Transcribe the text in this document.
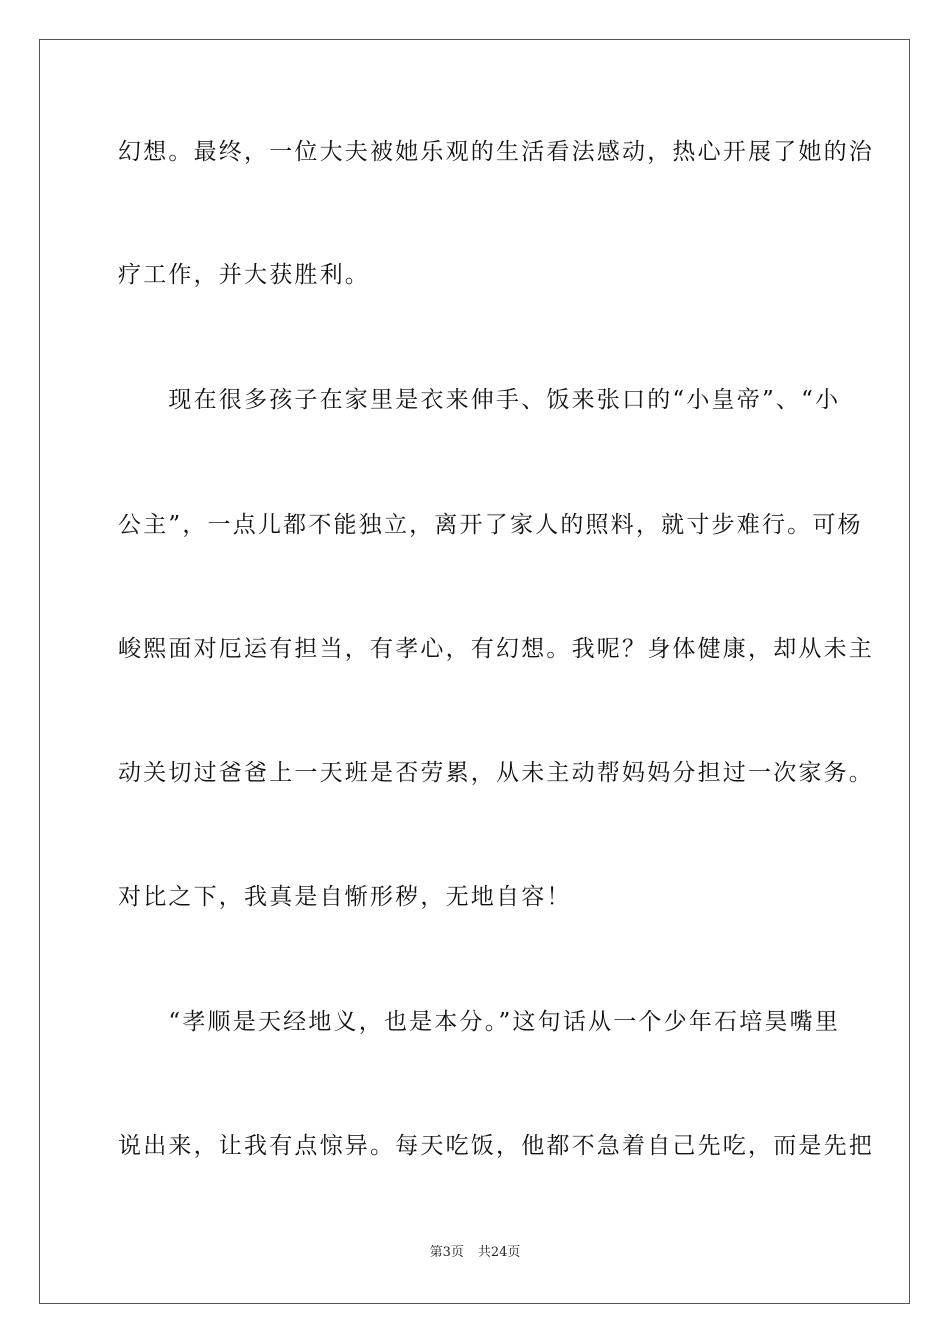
幻想。最终，一位大夫被她乐观的生活看法感动，热心开展了她的治
疗工作，并大获胜利。
　　现在很多孩子在家里是衣来伸手、饭来张口的“小皇帝”、“小
公主”，一点儿都不能独立，离开了家人的照料，就寸步难行。可杨
峻熙面对厄运有担当，有孝心，有幻想。我呢？身体健康，却从未主
动关切过爸爸上一天班是否劳累，从未主动帮妈妈分担过一次家务。
对比之下，我真是自惭形秽，无地自容！
　　“孝顺是天经地义，也是本分。”这句话从一个少年石培昊嘴里
说出来，让我有点惊异。每天吃饭，他都不急着自己先吃，而是先把
第3页 共24页
